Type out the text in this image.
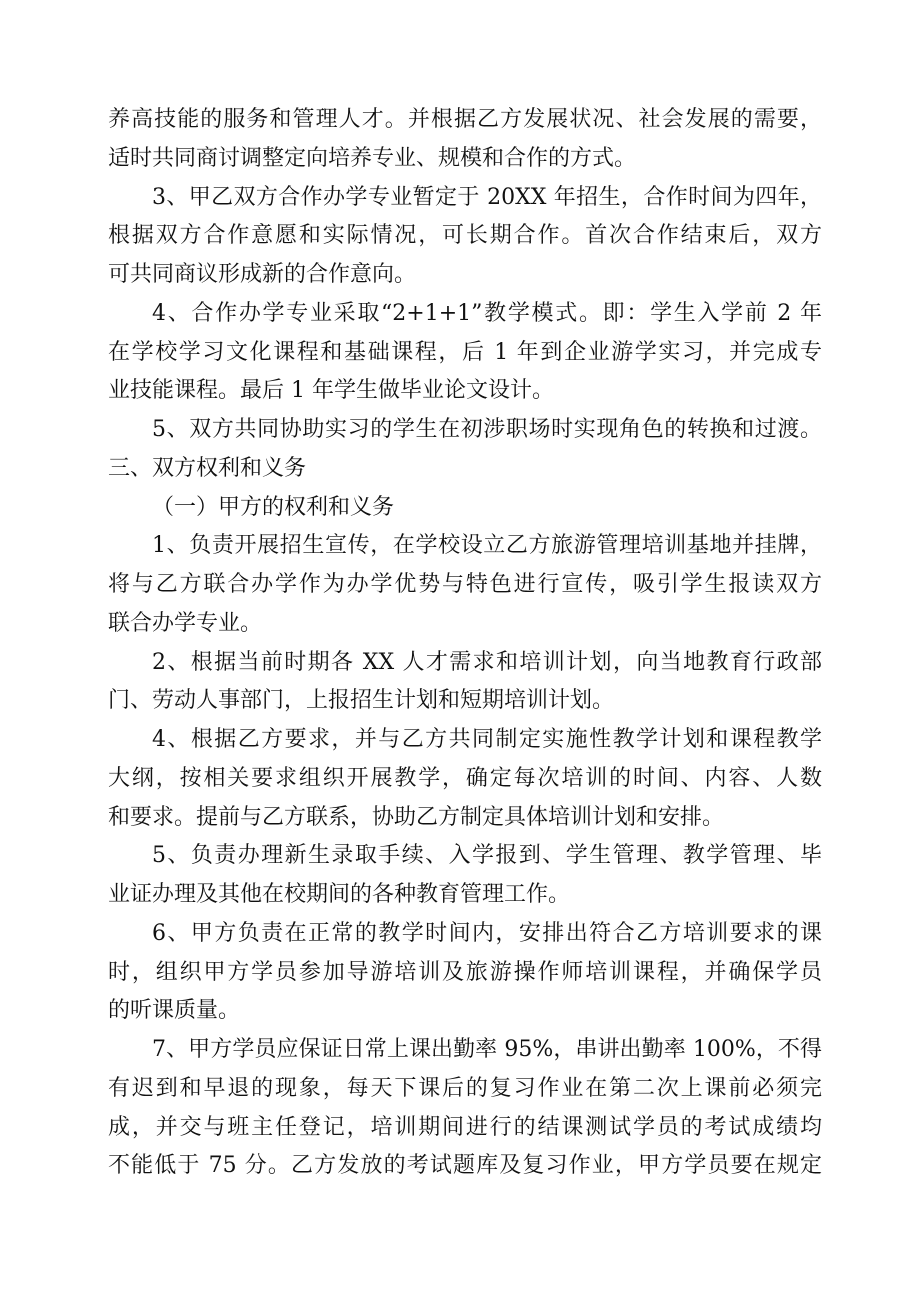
养高技能的服务和管理人才。并根据乙方发展状况、社会发展的需要，
适时共同商讨调整定向培养专业、规模和合作的方式。
3、甲乙双方合作办学专业暂定于 20XX 年招生，合作时间为四年，
根据双方合作意愿和实际情况，可长期合作。首次合作结束后，双方
可共同商议形成新的合作意向。
4、合作办学专业采取“2+1+1”教学模式。即：学生入学前 2 年
在学校学习文化课程和基础课程，后 1 年到企业游学实习，并完成专
业技能课程。最后 1 年学生做毕业论文设计。
5、双方共同协助实习的学生在初涉职场时实现角色的转换和过渡。
三、双方权利和义务
（一）甲方的权利和义务
1、负责开展招生宣传，在学校设立乙方旅游管理培训基地并挂牌，
将与乙方联合办学作为办学优势与特色进行宣传，吸引学生报读双方
联合办学专业。
2、根据当前时期各 XX 人才需求和培训计划，向当地教育行政部
门、劳动人事部门，上报招生计划和短期培训计划。
4、根据乙方要求，并与乙方共同制定实施性教学计划和课程教学
大纲，按相关要求组织开展教学，确定每次培训的时间、内容、人数
和要求。提前与乙方联系，协助乙方制定具体培训计划和安排。
5、负责办理新生录取手续、入学报到、学生管理、教学管理、毕
业证办理及其他在校期间的各种教育管理工作。
6、甲方负责在正常的教学时间内，安排出符合乙方培训要求的课
时，组织甲方学员参加导游培训及旅游操作师培训课程，并确保学员
的听课质量。
7、甲方学员应保证日常上课出勤率 95%，串讲出勤率 100%，不得
有迟到和早退的现象，每天下课后的复习作业在第二次上课前必须完
成，并交与班主任登记，培训期间进行的结课测试学员的考试成绩均
不能低于 75 分。乙方发放的考试题库及复习作业，甲方学员要在规定
